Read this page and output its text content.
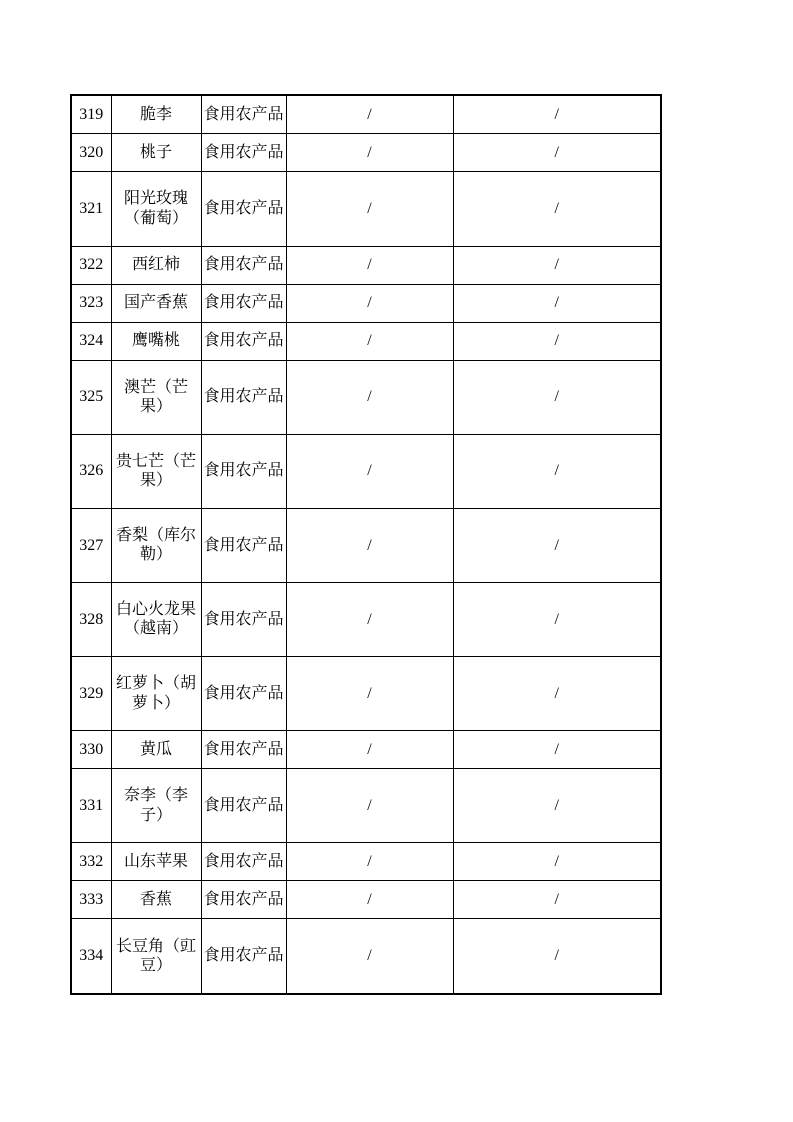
319	脆李	食用农产品	/	/
320	桃子	食用农产品	/	/
321	阳光玫瑰（葡萄）	食用农产品	/	/
322	西红柿	食用农产品	/	/
323	国产香蕉	食用农产品	/	/
324	鹰嘴桃	食用农产品	/	/
325	澳芒（芒果）	食用农产品	/	/
326	贵七芒（芒果）	食用农产品	/	/
327	香梨（库尔勒）	食用农产品	/	/
328	白心火龙果（越南）	食用农产品	/	/
329	红萝卜（胡萝卜）	食用农产品	/	/
330	黄瓜	食用农产品	/	/
331	奈李（李子）	食用农产品	/	/
332	山东苹果	食用农产品	/	/
333	香蕉	食用农产品	/	/
334	长豆角（豇豆）	食用农产品	/	/
